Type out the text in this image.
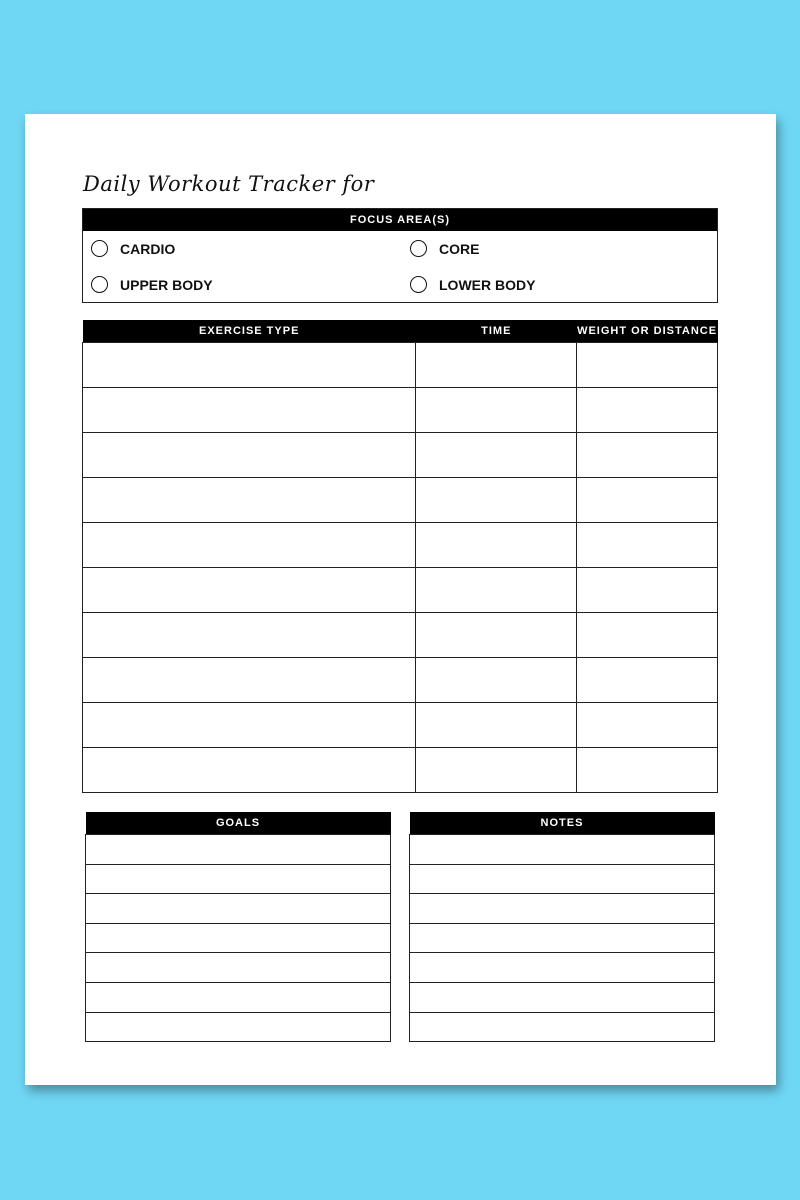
Daily Workout Tracker for
FOCUS AREA(S)
CARDIO	CORE
UPPER BODY	LOWER BODY
EXERCISE TYPE	TIME	WEIGHT OR DISTANCE

GOALS	NOTES
